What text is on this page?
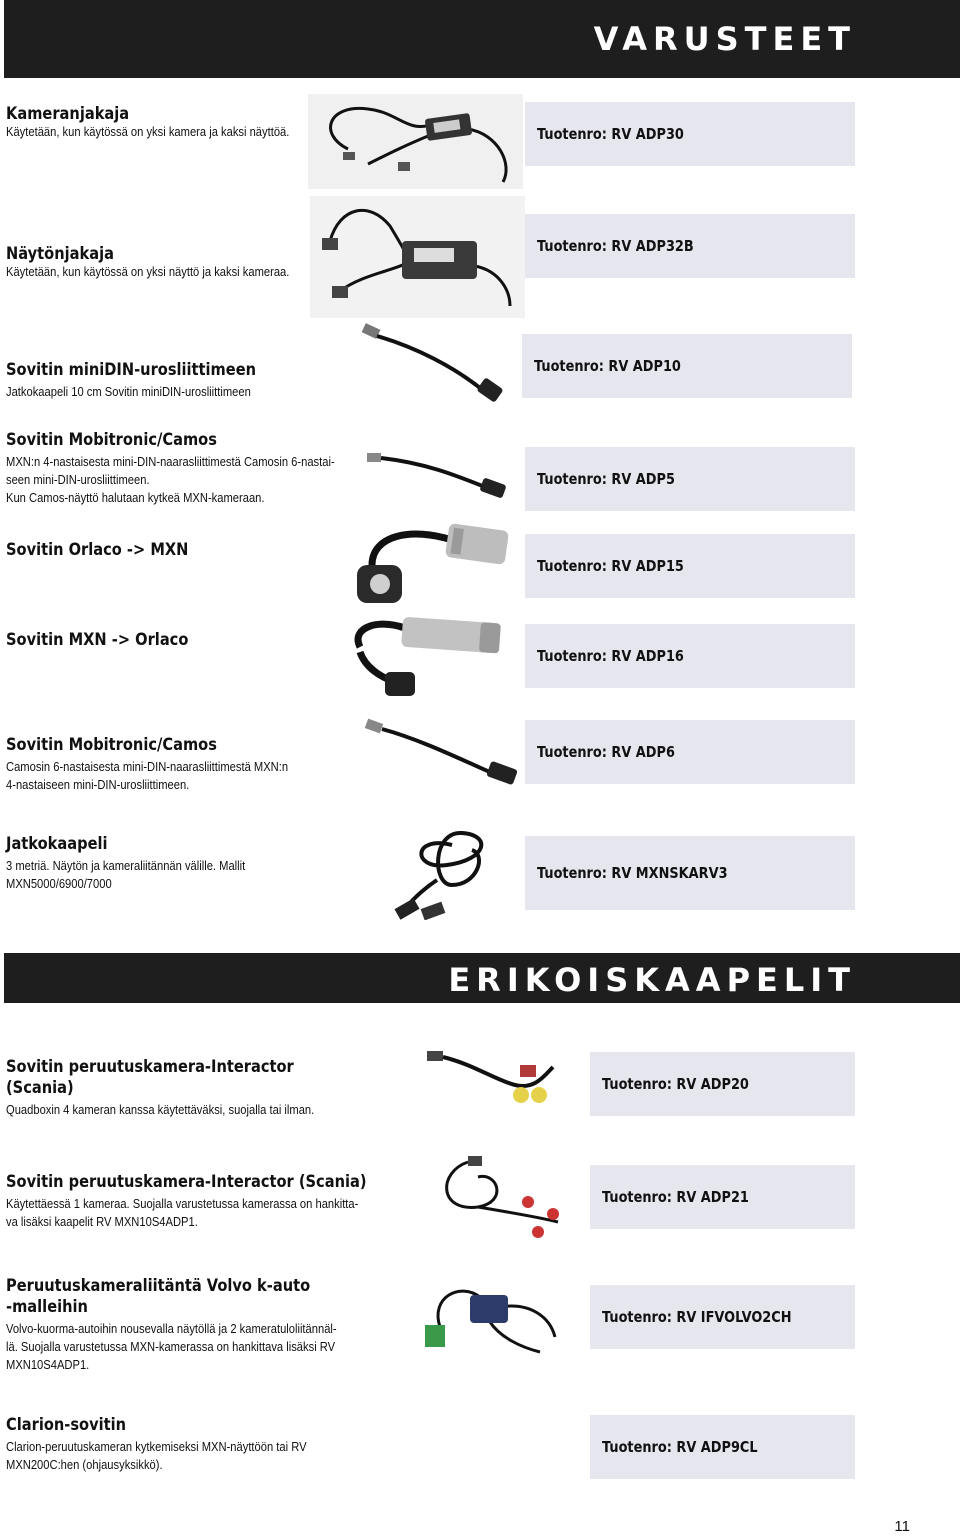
VARUSTEET
Kameranjakaja
Käytetään, kun käytössä on yksi kamera ja kaksi näyttöä.	Tuotenro: RV ADP30
Näytönjakaja
Käytetään, kun käytössä on yksi näyttö ja kaksi kameraa.
Tuotenro: RV ADP32B
Sovitin miniDIN-urosliittimeen
Jatkokaapeli 10 cm Sovitin miniDIN-urosliittimeen
Tuotenro: RV ADP10
Sovitin Mobitronic/Camos
MXN:n 4-nastaisesta mini-DIN-naarasliittimestä Camosin 6-nastai-
seen mini-DIN-urosliittimeen.
Kun Camos-näyttö halutaan kytkeä MXN-kameraan.
Tuotenro: RV ADP5
Sovitin Orlaco -> MXN
Tuotenro: RV ADP15
Sovitin MXN -> Orlaco
Tuotenro: RV ADP16
Sovitin Mobitronic/Camos
Camosin 6-nastaisesta mini-DIN-naarasliittimestä MXN:n
4-nastaiseen mini-DIN-urosliittimeen.
Tuotenro: RV ADP6
Jatkokaapeli
3 metriä. Näytön ja kameraliitännän välille. Mallit
MXN5000/6900/7000
Tuotenro: RV MXNSKARV3
ERIKOISKAAPELIT
Sovitin peruutuskamera-Interactor
(Scania)
Quadboxin 4 kameran kanssa käytettäväksi, suojalla tai ilman.
Tuotenro: RV ADP20
Sovitin peruutuskamera-Interactor (Scania)
Käytettäessä 1 kameraa. Suojalla varustetussa kamerassa on hankitta-
va lisäksi kaapelit RV MXN10S4ADP1.
Tuotenro: RV ADP21
Peruutuskameraliitäntä Volvo k-auto
-malleihin
Volvo-kuorma-autoihin nousevalla näytöllä ja 2 kameratuloliitännäl-
lä. Suojalla varustetussa MXN-kamerassa on hankittava lisäksi RV
MXN10S4ADP1.
Tuotenro: RV IFVOLVO2CH
Clarion-sovitin
Clarion-peruutuskameran kytkemiseksi MXN-näyttöön tai RV
MXN200C:hen (ohjausyksikkö).
Tuotenro: RV ADP9CL
11
